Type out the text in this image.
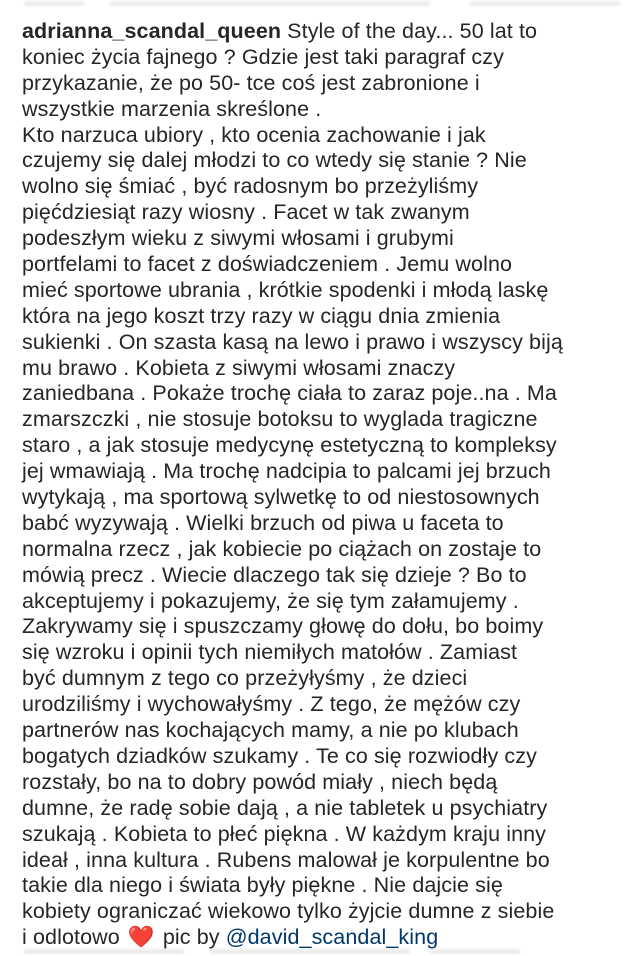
adrianna_scandal_queen Style of the day... 50 lat to
koniec życia fajnego ? Gdzie jest taki paragraf czy
przykazanie, że po 50- tce coś jest zabronione i
wszystkie marzenia skreślone .
Kto narzuca ubiory , kto ocenia zachowanie i jak
czujemy się dalej młodzi to co wtedy się stanie ? Nie
wolno się śmiać , być radosnym bo przeżyliśmy
pięćdziesiąt razy wiosny . Facet w tak zwanym
podeszłym wieku z siwymi włosami i grubymi
portfelami to facet z doświadczeniem . Jemu wolno
mieć sportowe ubrania , krótkie spodenki i młodą laskę
która na jego koszt trzy razy w ciągu dnia zmienia
sukienki . On szasta kasą na lewo i prawo i wszyscy biją
mu brawo . Kobieta z siwymi włosami znaczy
zaniedbana . Pokaże trochę ciała to zaraz poje..na . Ma
zmarszczki , nie stosuje botoksu to wyglada tragiczne
staro , a jak stosuje medycynę estetyczną to kompleksy
jej wmawiają . Ma trochę nadcipia to palcami jej brzuch
wytykają , ma sportową sylwetkę to od niestosownych
babć wyzywają . Wielki brzuch od piwa u faceta to
normalna rzecz , jak kobiecie po ciążach on zostaje to
mówią precz . Wiecie dlaczego tak się dzieje ? Bo to
akceptujemy i pokazujemy, że się tym załamujemy .
Zakrywamy się i spuszczamy głowę do dołu, bo boimy
się wzroku i opinii tych niemiłych matołów . Zamiast
być dumnym z tego co przeżyłyśmy , że dzieci
urodziliśmy i wychowałyśmy . Z tego, że mężów czy
partnerów nas kochających mamy, a nie po klubach
bogatych dziadków szukamy . Te co się rozwiodły czy
rozstały, bo na to dobry powód miały , niech będą
dumne, że radę sobie dają , a nie tabletek u psychiatry
szukają . Kobieta to płeć piękna . W każdym kraju inny
ideał , inna kultura . Rubens malował je korpulentne bo
takie dla niego i świata były piękne . Nie dajcie się
kobiety ograniczać wiekowo tylko żyjcie dumne z siebie
i odlotowo ❤️ pic by @david_scandal_king
